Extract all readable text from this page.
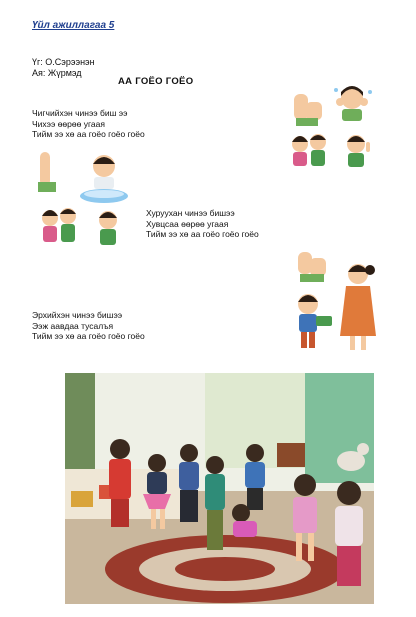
Үйл ажиллагаа 5

Үг: О.Сэрээнэн
Ая: Жүрмэд

АА ГОЁО ГОЁО

Чигчийхэн чинээ биш ээ
Чихээ өөрөө угаая
Тийм ээ хө аа гоёо гоёо гоёо
Хуруухан чинээ бишээ
Хувцсаа өөрөө угаая
Тийм ээ хө аа гоёо гоёо гоёо
Эрхийхэн чинээ бишээ
Ээж аавдаа тусалъя
Тийм ээ хө аа гоёо гоёо гоёо
